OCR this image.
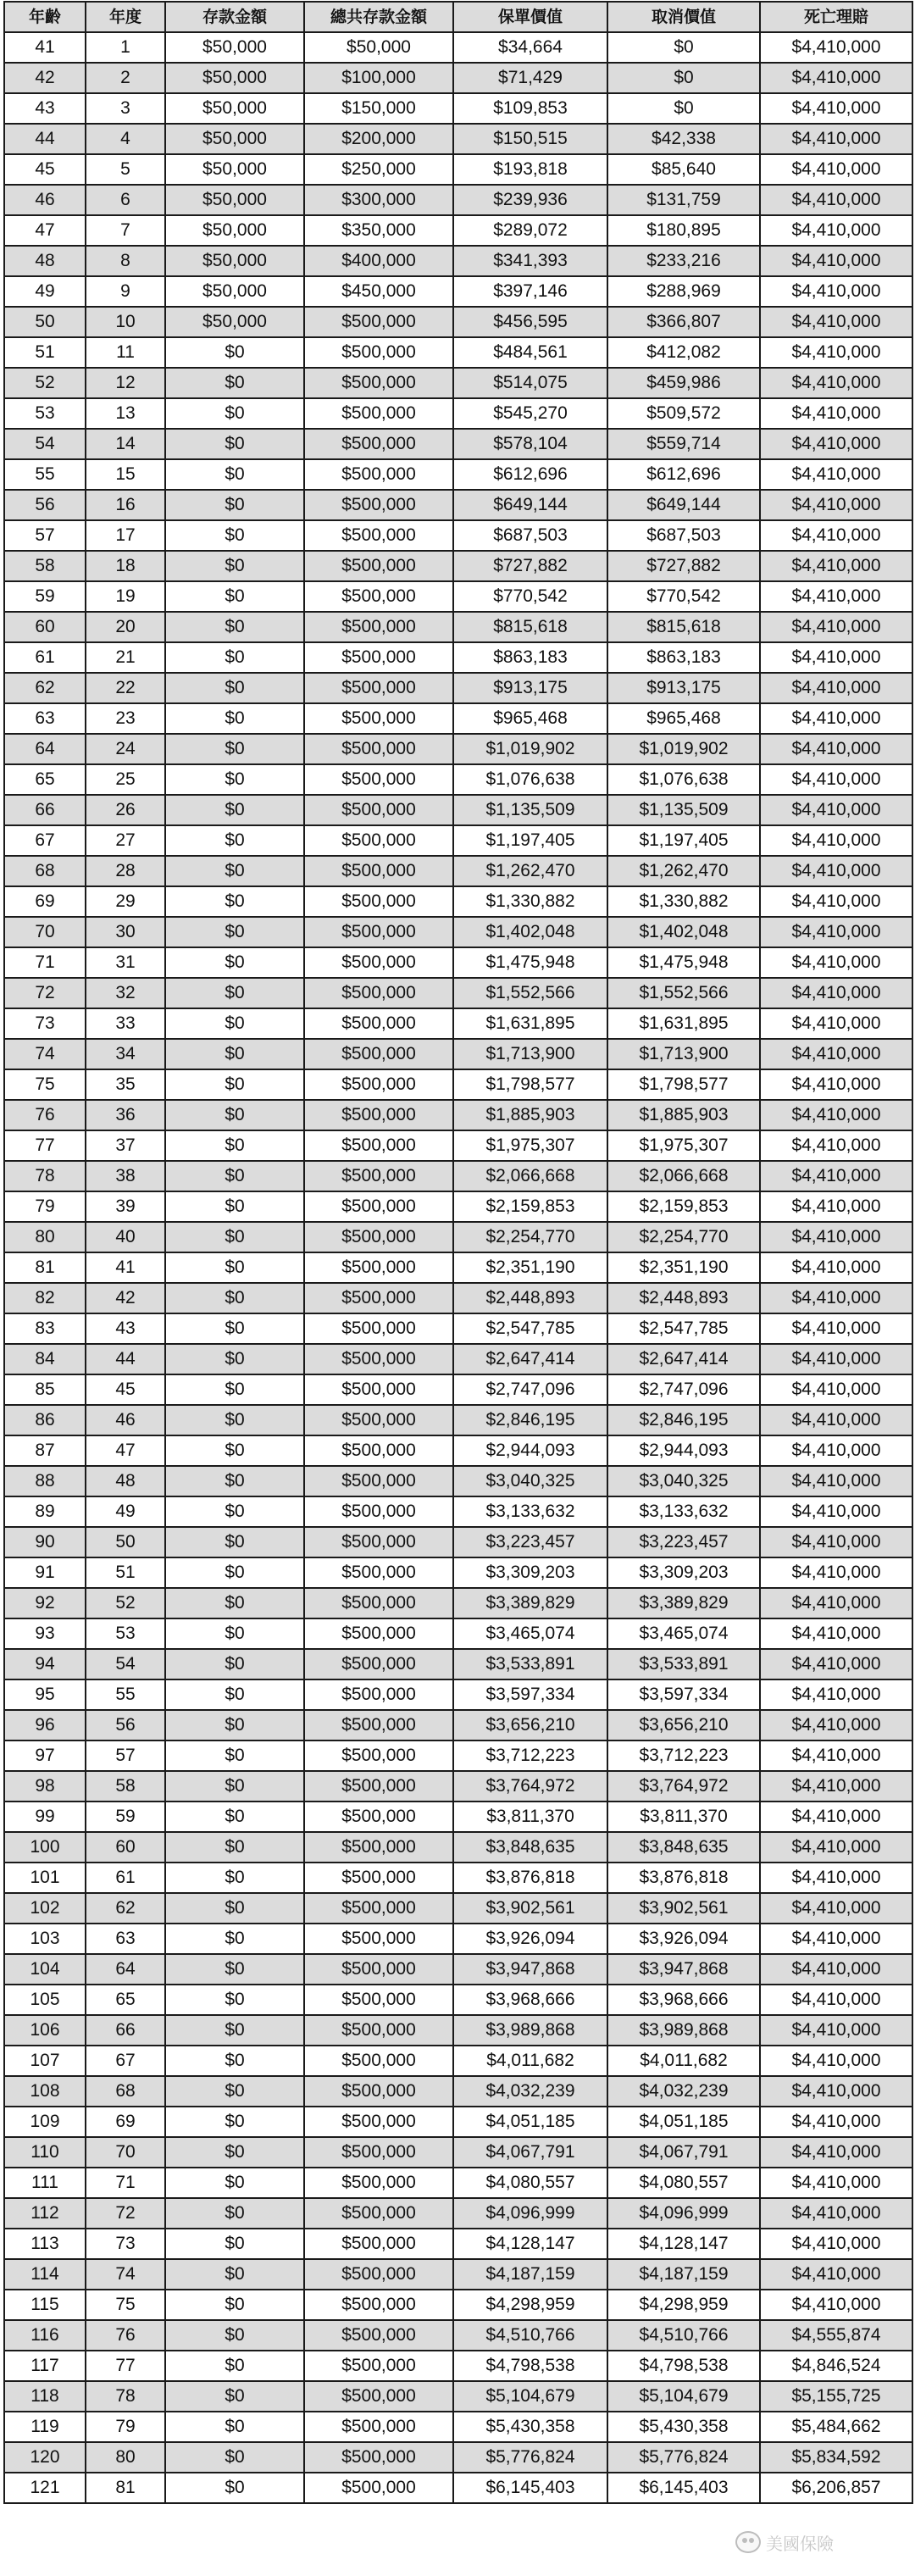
年齡	年度	存款金額	總共存款金額	保單價值	取消價值	死亡理賠
41	1	$50,000	$50,000	$34,664	$0	$4,410,000
42	2	$50,000	$100,000	$71,429	$0	$4,410,000
43	3	$50,000	$150,000	$109,853	$0	$4,410,000
44	4	$50,000	$200,000	$150,515	$42,338	$4,410,000
45	5	$50,000	$250,000	$193,818	$85,640	$4,410,000
46	6	$50,000	$300,000	$239,936	$131,759	$4,410,000
47	7	$50,000	$350,000	$289,072	$180,895	$4,410,000
48	8	$50,000	$400,000	$341,393	$233,216	$4,410,000
49	9	$50,000	$450,000	$397,146	$288,969	$4,410,000
50	10	$50,000	$500,000	$456,595	$366,807	$4,410,000
51	11	$0	$500,000	$484,561	$412,082	$4,410,000
52	12	$0	$500,000	$514,075	$459,986	$4,410,000
53	13	$0	$500,000	$545,270	$509,572	$4,410,000
54	14	$0	$500,000	$578,104	$559,714	$4,410,000
55	15	$0	$500,000	$612,696	$612,696	$4,410,000
56	16	$0	$500,000	$649,144	$649,144	$4,410,000
57	17	$0	$500,000	$687,503	$687,503	$4,410,000
58	18	$0	$500,000	$727,882	$727,882	$4,410,000
59	19	$0	$500,000	$770,542	$770,542	$4,410,000
60	20	$0	$500,000	$815,618	$815,618	$4,410,000
61	21	$0	$500,000	$863,183	$863,183	$4,410,000
62	22	$0	$500,000	$913,175	$913,175	$4,410,000
63	23	$0	$500,000	$965,468	$965,468	$4,410,000
64	24	$0	$500,000	$1,019,902	$1,019,902	$4,410,000
65	25	$0	$500,000	$1,076,638	$1,076,638	$4,410,000
66	26	$0	$500,000	$1,135,509	$1,135,509	$4,410,000
67	27	$0	$500,000	$1,197,405	$1,197,405	$4,410,000
68	28	$0	$500,000	$1,262,470	$1,262,470	$4,410,000
69	29	$0	$500,000	$1,330,882	$1,330,882	$4,410,000
70	30	$0	$500,000	$1,402,048	$1,402,048	$4,410,000
71	31	$0	$500,000	$1,475,948	$1,475,948	$4,410,000
72	32	$0	$500,000	$1,552,566	$1,552,566	$4,410,000
73	33	$0	$500,000	$1,631,895	$1,631,895	$4,410,000
74	34	$0	$500,000	$1,713,900	$1,713,900	$4,410,000
75	35	$0	$500,000	$1,798,577	$1,798,577	$4,410,000
76	36	$0	$500,000	$1,885,903	$1,885,903	$4,410,000
77	37	$0	$500,000	$1,975,307	$1,975,307	$4,410,000
78	38	$0	$500,000	$2,066,668	$2,066,668	$4,410,000
79	39	$0	$500,000	$2,159,853	$2,159,853	$4,410,000
80	40	$0	$500,000	$2,254,770	$2,254,770	$4,410,000
81	41	$0	$500,000	$2,351,190	$2,351,190	$4,410,000
82	42	$0	$500,000	$2,448,893	$2,448,893	$4,410,000
83	43	$0	$500,000	$2,547,785	$2,547,785	$4,410,000
84	44	$0	$500,000	$2,647,414	$2,647,414	$4,410,000
85	45	$0	$500,000	$2,747,096	$2,747,096	$4,410,000
86	46	$0	$500,000	$2,846,195	$2,846,195	$4,410,000
87	47	$0	$500,000	$2,944,093	$2,944,093	$4,410,000
88	48	$0	$500,000	$3,040,325	$3,040,325	$4,410,000
89	49	$0	$500,000	$3,133,632	$3,133,632	$4,410,000
90	50	$0	$500,000	$3,223,457	$3,223,457	$4,410,000
91	51	$0	$500,000	$3,309,203	$3,309,203	$4,410,000
92	52	$0	$500,000	$3,389,829	$3,389,829	$4,410,000
93	53	$0	$500,000	$3,465,074	$3,465,074	$4,410,000
94	54	$0	$500,000	$3,533,891	$3,533,891	$4,410,000
95	55	$0	$500,000	$3,597,334	$3,597,334	$4,410,000
96	56	$0	$500,000	$3,656,210	$3,656,210	$4,410,000
97	57	$0	$500,000	$3,712,223	$3,712,223	$4,410,000
98	58	$0	$500,000	$3,764,972	$3,764,972	$4,410,000
99	59	$0	$500,000	$3,811,370	$3,811,370	$4,410,000
100	60	$0	$500,000	$3,848,635	$3,848,635	$4,410,000
101	61	$0	$500,000	$3,876,818	$3,876,818	$4,410,000
102	62	$0	$500,000	$3,902,561	$3,902,561	$4,410,000
103	63	$0	$500,000	$3,926,094	$3,926,094	$4,410,000
104	64	$0	$500,000	$3,947,868	$3,947,868	$4,410,000
105	65	$0	$500,000	$3,968,666	$3,968,666	$4,410,000
106	66	$0	$500,000	$3,989,868	$3,989,868	$4,410,000
107	67	$0	$500,000	$4,011,682	$4,011,682	$4,410,000
108	68	$0	$500,000	$4,032,239	$4,032,239	$4,410,000
109	69	$0	$500,000	$4,051,185	$4,051,185	$4,410,000
110	70	$0	$500,000	$4,067,791	$4,067,791	$4,410,000
111	71	$0	$500,000	$4,080,557	$4,080,557	$4,410,000
112	72	$0	$500,000	$4,096,999	$4,096,999	$4,410,000
113	73	$0	$500,000	$4,128,147	$4,128,147	$4,410,000
114	74	$0	$500,000	$4,187,159	$4,187,159	$4,410,000
115	75	$0	$500,000	$4,298,959	$4,298,959	$4,410,000
116	76	$0	$500,000	$4,510,766	$4,510,766	$4,555,874
117	77	$0	$500,000	$4,798,538	$4,798,538	$4,846,524
118	78	$0	$500,000	$5,104,679	$5,104,679	$5,155,725
119	79	$0	$500,000	$5,430,358	$5,430,358	$5,484,662
120	80	$0	$500,000	$5,776,824	$5,776,824	$5,834,592
121	81	$0	$500,000	$6,145,403	$6,145,403	$6,206,857
美國保險
